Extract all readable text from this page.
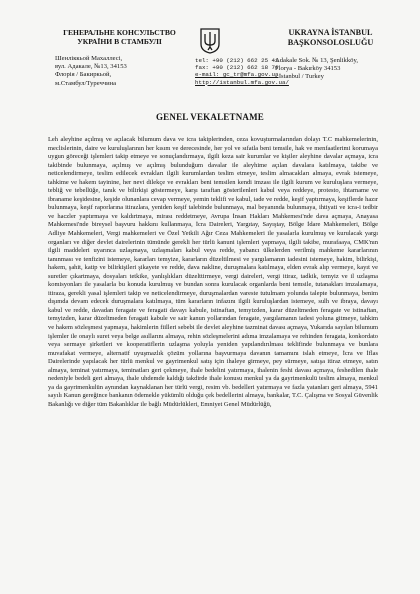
ГЕНЕРАЛЬНЕ КОНСУЛЬСТВО
УКРАЇНИ В СТАМБУЛІ
UKRAYNA İSTANBUL
BAŞKONSOLOSLUĞU
Шенліккьой Махаллесі,
вул. Адакале, №13, 34153
Флорія / Бакиркьой,
м.Стамбул/Туреччина
tel: +90 (212) 662 25 41
fax: +90 (212) 662 18 76
e-mail: gc_tr@mfa.gov.ua
http://istanbul.mfa.gov.ua/
Adakale Sok. № 13, Şenlikköy,
Florya - Bakırköy 34153
- İstanbul / Turkey
GENEL VEKALETNAME
Leh aleyhine açılmış ve açılacak bilumum dava ve icra takiplerinden, ceza kovuşturmalarından dolayı T.C mahkemelerinin, meclislerinin, daire ve kuruluşlarının her kısım ve derecesinde, her yol ve sıfatla beni temsile, hak ve menfaatlerimi korumaya uygun göreceği işlemleri takip etmeye ve sonuçlandırmaya, ilgili keza sair kurumlar ve kişiler aleyhine davalar açmaya, icra takibinde bulunmaya, açılmış ve açılmış bulunduğum davalar ile aleyhime açılan davalara katılmaya, takibe ve neticelendirmeye, teslim edilecek evrakları ilgili kurumlardan teslim etmeye, teslim almacakları almaya, evrak istemeye, tahkime ve hakem tayinine, her nevi dilekçe ve evrakları beni temsilen kendi imzası ile ilgili kurum ve kuruluşlara vermeye, tebliğ ve tebellüğe, tanık ve bilirkişi göstermeye, karşı taraftan gösterilenleri kabul veya reddeye, protesto, ihtarname ve ibraname keşidesine, keşide olunanlara cevap vermeye, yemin teklifi ve kabul, iade ve redde, keşif yaptırmaya, keşiflerde hazır bulunmaya, keşif raporlarına itirazlara, yeniden keşif talebinde bulunmaya, mal beyanında bulunmaya, ihtiyati ve icra-i tedbir ve haczler yaptırmaya ve kaldırtmaya, mirası reddetmeye, Avrupa İnsan Hakları Mahkemesi'nde dava açmaya, Anayasa Mahkemesi'nde bireysel başvuru hakkını kullanmaya, İcra Daireleri, Yargıtay, Sayıştay, Bölge İdare Mahkemeleri, Bölge Adliye Mahkemeleri, Vergi mahkemeleri ve Özel Yetkili Ağır Ceza Mahkemeleri ile yasalarla kurulmuş ve kurulacak yargı organları ve diğer devlet dairelerinin tümünde gerekli her türlü kanuni işlemleri yapmaya, ilgili takibe, murafaaya, CMK'nın ilgili maddeleri uyarınca uzlaşmaya, uzlaşmaları kabul veya redde, yabancı ülkelerden verilmiş mahkeme kararlarının tanınması ve tenfizini istemeye, kararları temyize, kararların düzeltilmesi ve yargılamanın iadesini istemeye, hakim, bilirkişi, hakem, şahit, katip ve bilirkişileri şikayete ve redde, dava nakline, duruşmalara katılmaya, elden evrak alıp vermeye, kayıt ve suretler çıkartmaya, dosyaları tetkike, yanlışlıkları düzelttirmeye, vergi daireleri, vergi itiraz, tadkik, temyiz ve il uzlaşma komisyonları ile yasalarla bu konuda kurulmuş ve bundan sonra kurulacak organlarda beni temsile, tutanakları imzalamaya, itiraza, gerekli yasal işlemleri takip ve neticelendirmeye, duruşmalardan vareste tutulmam yolunda talepte bulunmaya, benim dışımda devam edecek duruşmalara katılmaya, tüm kararların infazını ilgili kuruluşlardan istemeye, sulh ve ibraya, davayı kabul ve redde, davadan feragate ve feragati davayı kabule, istinaftan, temyizden, karar düzeltmeden feragate ve istinaftan, temyizden, karar düzeltmeden feragati kabule ve sair kanun yollarından feragate, yargılamanın iadesi yoluna gitmeye, tahkim ve hakem sözleşmesi yapmaya, hakimlerin fiilleri sebebi ile devlet aleyhine tazminat davası açmaya, Yukarıda sayılan bilumum işlemler ile onaylı suret veya belge asıllarını almaya, rehin sözleşmelerini adıma imzalamaya ve rehinden feragata, konkordato veya sermaye şirketleri ve kooperatiflerin uzlaşma yoluyla yeniden yapılandırılması teklifinde bulunmaya ve bunlara muvafakat vermeye, alternatif uyuşmazlık çözüm yollarına başvurmaya davanın tamamını islah etmeye, İcra ve İflas Dairelerinde yapılacak her türlü menkul ve gayrimenkul satış için ihaleye girmeye, pey sürmeye, satışa itiraz etmeye, satın almaya, teminat yatırmaya, teminatları geri çekmeye, ihale bedelini yatırmaya, ihalenin feshi davası açmaya, feshedilen ihale nedeniyle bedeli geri almaya, ihale uhdemde kaldığı takdirde ihale konusu menkul ya da gayrimenkulü teslim almaya, menkul ya da gayrimenkulün aynından kaynaklanan her türlü vergi, resim vb. bedelleri yatırmaya ve fazla yatanları geri almaya, 5941 sayılı Kanun gereğince bankanın ödemekle yükümlü olduğu çek bedellerini almaya, bankalar, T.C. Çalışma ve Sosyal Güvenlik Bakanlığı ve diğer tüm Bakanlıklar ile bağlı Müdürlükleri, Emniyet Genel Müdürlüğü,
